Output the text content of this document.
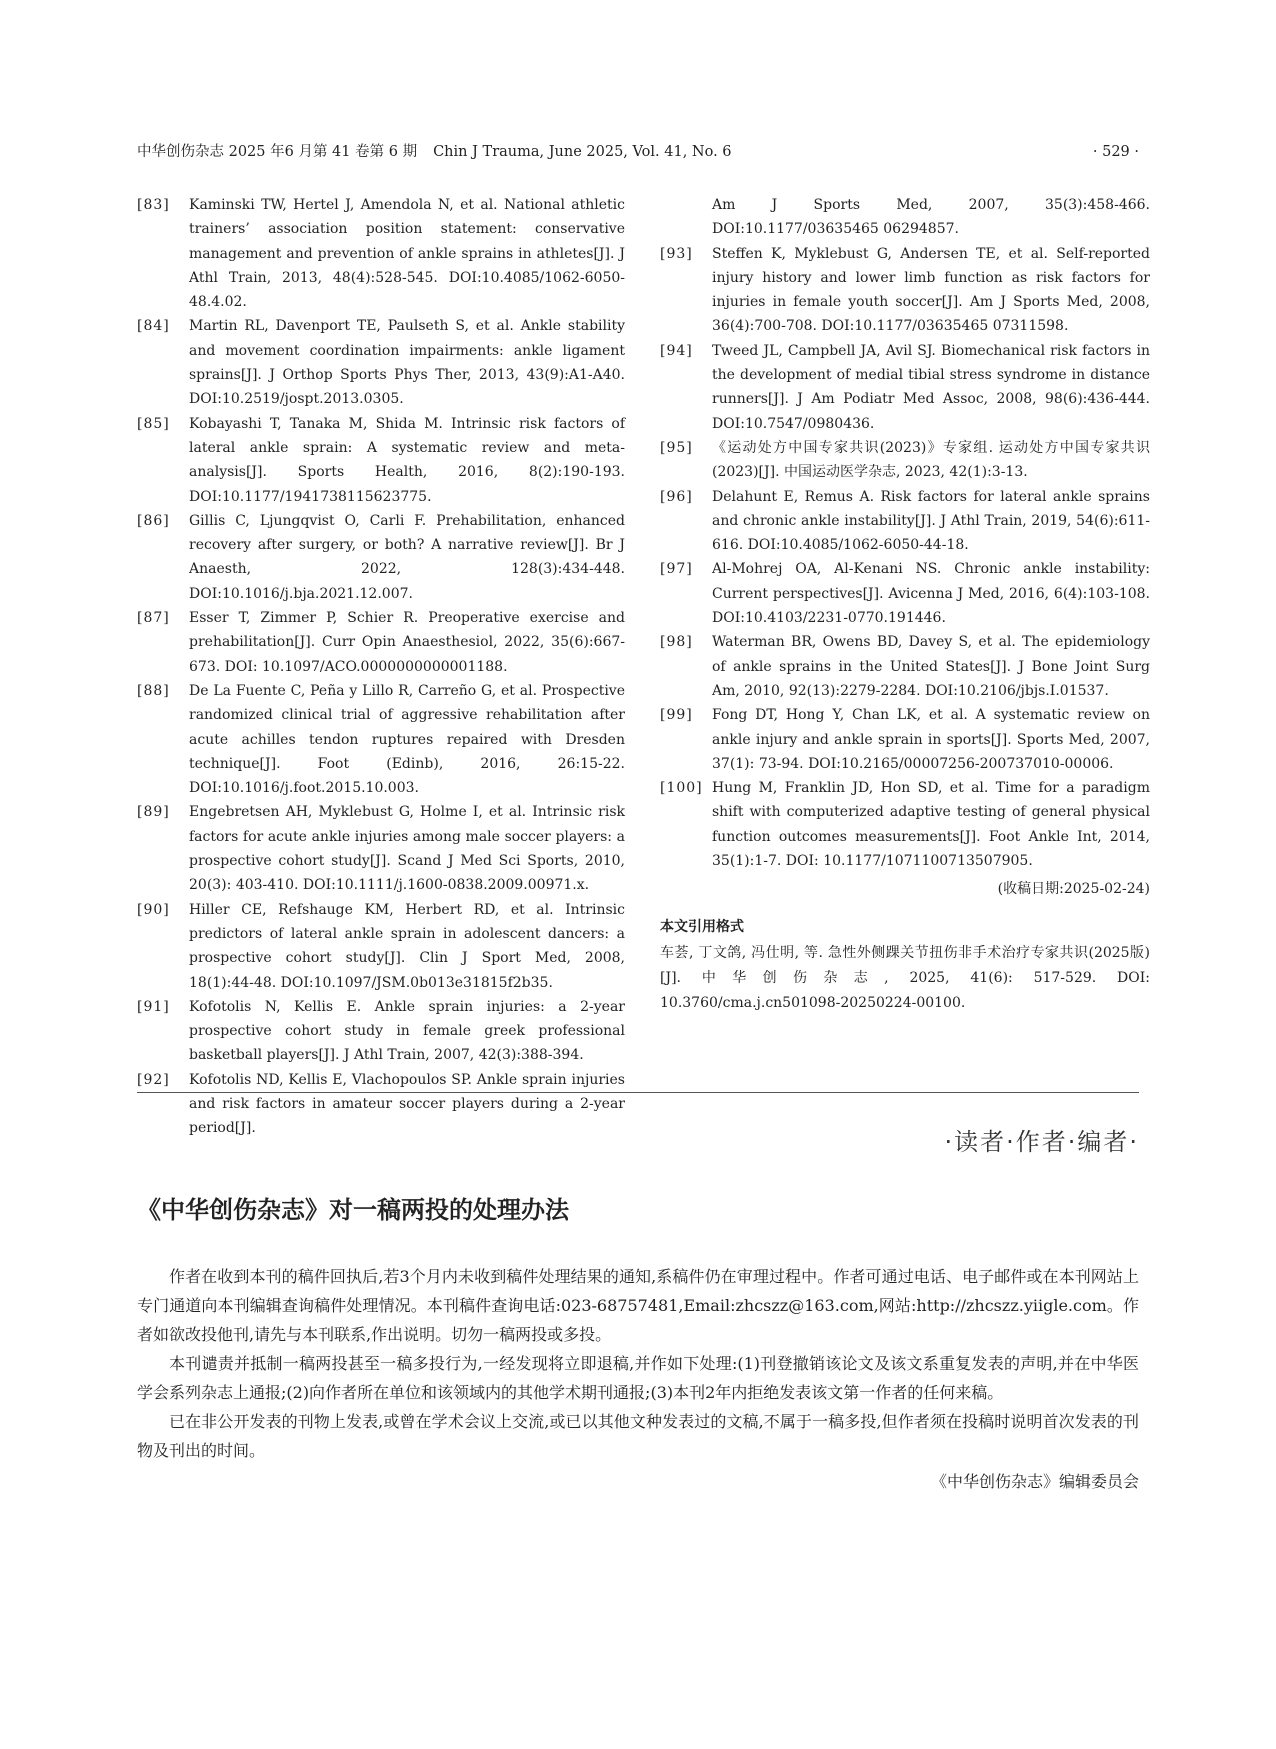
中华创伤杂志 2025 年6 月第 41 卷第 6 期 Chin J Trauma, June 2025, Vol. 41, No. 6	· 529 ·
[83] Kaminski TW, Hertel J, Amendola N, et al. National athletic trainers’ association position statement: conservative management and prevention of ankle sprains in athletes[J]. J Athl Train, 2013, 48(4):528-545. DOI:10.4085/1062-6050-48.4.02.
[84] Martin RL, Davenport TE, Paulseth S, et al. Ankle stability and movement coordination impairments: ankle ligament sprains[J]. J Orthop Sports Phys Ther, 2013, 43(9):A1-A40. DOI:10.2519/jospt.2013.0305.
[85] Kobayashi T, Tanaka M, Shida M. Intrinsic risk factors of lateral ankle sprain: A systematic review and meta-analysis[J]. Sports Health, 2016, 8(2):190-193. DOI:10.1177/1941738115623775.
[86] Gillis C, Ljungqvist O, Carli F. Prehabilitation, enhanced recovery after surgery, or both? A narrative review[J]. Br J Anaesth, 2022, 128(3):434-448. DOI:10.1016/j.bja.2021.12.007.
[87] Esser T, Zimmer P, Schier R. Preoperative exercise and prehabilitation[J]. Curr Opin Anaesthesiol, 2022, 35(6):667-673. DOI: 10.1097/ACO.0000000000001188.
[88] De La Fuente C, Peña y Lillo R, Carreño G, et al. Prospective randomized clinical trial of aggressive rehabilitation after acute achilles tendon ruptures repaired with Dresden technique[J]. Foot (Edinb), 2016, 26:15-22. DOI:10.1016/j.foot.2015.10.003.
[89] Engebretsen AH, Myklebust G, Holme I, et al. Intrinsic risk factors for acute ankle injuries among male soccer players: a prospective cohort study[J]. Scand J Med Sci Sports, 2010, 20(3): 403-410. DOI:10.1111/j.1600-0838.2009.00971.x.
[90] Hiller CE, Refshauge KM, Herbert RD, et al. Intrinsic predictors of lateral ankle sprain in adolescent dancers: a prospective cohort study[J]. Clin J Sport Med, 2008, 18(1):44-48. DOI:10.1097/JSM.0b013e31815f2b35.
[91] Kofotolis N, Kellis E. Ankle sprain injuries: a 2-year prospective cohort study in female greek professional basketball players[J]. J Athl Train, 2007, 42(3):388-394.
[92] Kofotolis ND, Kellis E, Vlachopoulos SP. Ankle sprain injuries and risk factors in amateur soccer players during a 2-year period[J].
Am J Sports Med, 2007, 35(3):458-466. DOI:10.1177/03635465 06294857.
[93] Steffen K, Myklebust G, Andersen TE, et al. Self-reported injury history and lower limb function as risk factors for injuries in female youth soccer[J]. Am J Sports Med, 2008, 36(4):700-708. DOI:10.1177/03635465 07311598.
[94] Tweed JL, Campbell JA, Avil SJ. Biomechanical risk factors in the development of medial tibial stress syndrome in distance runners[J]. J Am Podiatr Med Assoc, 2008, 98(6):436-444. DOI:10.7547/0980436.
[95] 《运动处方中国专家共识(2023)》专家组. 运动处方中国专家共识(2023)[J]. 中国运动医学杂志, 2023, 42(1):3-13.
[96] Delahunt E, Remus A. Risk factors for lateral ankle sprains and chronic ankle instability[J]. J Athl Train, 2019, 54(6):611-616. DOI:10.4085/1062-6050-44-18.
[97] Al-Mohrej OA, Al-Kenani NS. Chronic ankle instability: Current perspectives[J]. Avicenna J Med, 2016, 6(4):103-108. DOI:10.4103/2231-0770.191446.
[98] Waterman BR, Owens BD, Davey S, et al. The epidemiology of ankle sprains in the United States[J]. J Bone Joint Surg Am, 2010, 92(13):2279-2284. DOI:10.2106/jbjs.I.01537.
[99] Fong DT, Hong Y, Chan LK, et al. A systematic review on ankle injury and ankle sprain in sports[J]. Sports Med, 2007, 37(1): 73-94. DOI:10.2165/00007256-200737010-00006.
[100] Hung M, Franklin JD, Hon SD, et al. Time for a paradigm shift with computerized adaptive testing of general physical function outcomes measurements[J]. Foot Ankle Int, 2014, 35(1):1-7. DOI: 10.1177/1071100713507905.
(收稿日期:2025-02-24)
本文引用格式
车荟, 丁文鸽, 冯仕明, 等. 急性外侧踝关节扭伤非手术治疗专家共识(2025版)[J]. 中华创伤杂志, 2025, 41(6): 517-529. DOI: 10.3760/cma.j.cn501098-20250224-00100.
·读者·作者·编者·
《中华创伤杂志》对一稿两投的处理办法

作者在收到本刊的稿件回执后,若3个月内未收到稿件处理结果的通知,系稿件仍在审理过程中。作者可通过电话、电子邮件或在本刊网站上专门通道向本刊编辑查询稿件处理情况。本刊稿件查询电话:023-68757481,Email:zhcszz@163.com,网站:http://zhcszz.yiigle.com。作者如欲改投他刊,请先与本刊联系,作出说明。切勿一稿两投或多投。

本刊谴责并抵制一稿两投甚至一稿多投行为,一经发现将立即退稿,并作如下处理:(1)刊登撤销该论文及该文系重复发表的声明,并在中华医学会系列杂志上通报;(2)向作者所在单位和该领域内的其他学术期刊通报;(3)本刊2年内拒绝发表该文第一作者的任何来稿。

已在非公开发表的刊物上发表,或曾在学术会议上交流,或已以其他文种发表过的文稿,不属于一稿多投,但作者须在投稿时说明首次发表的刊物及刊出的时间。

《中华创伤杂志》编辑委员会
